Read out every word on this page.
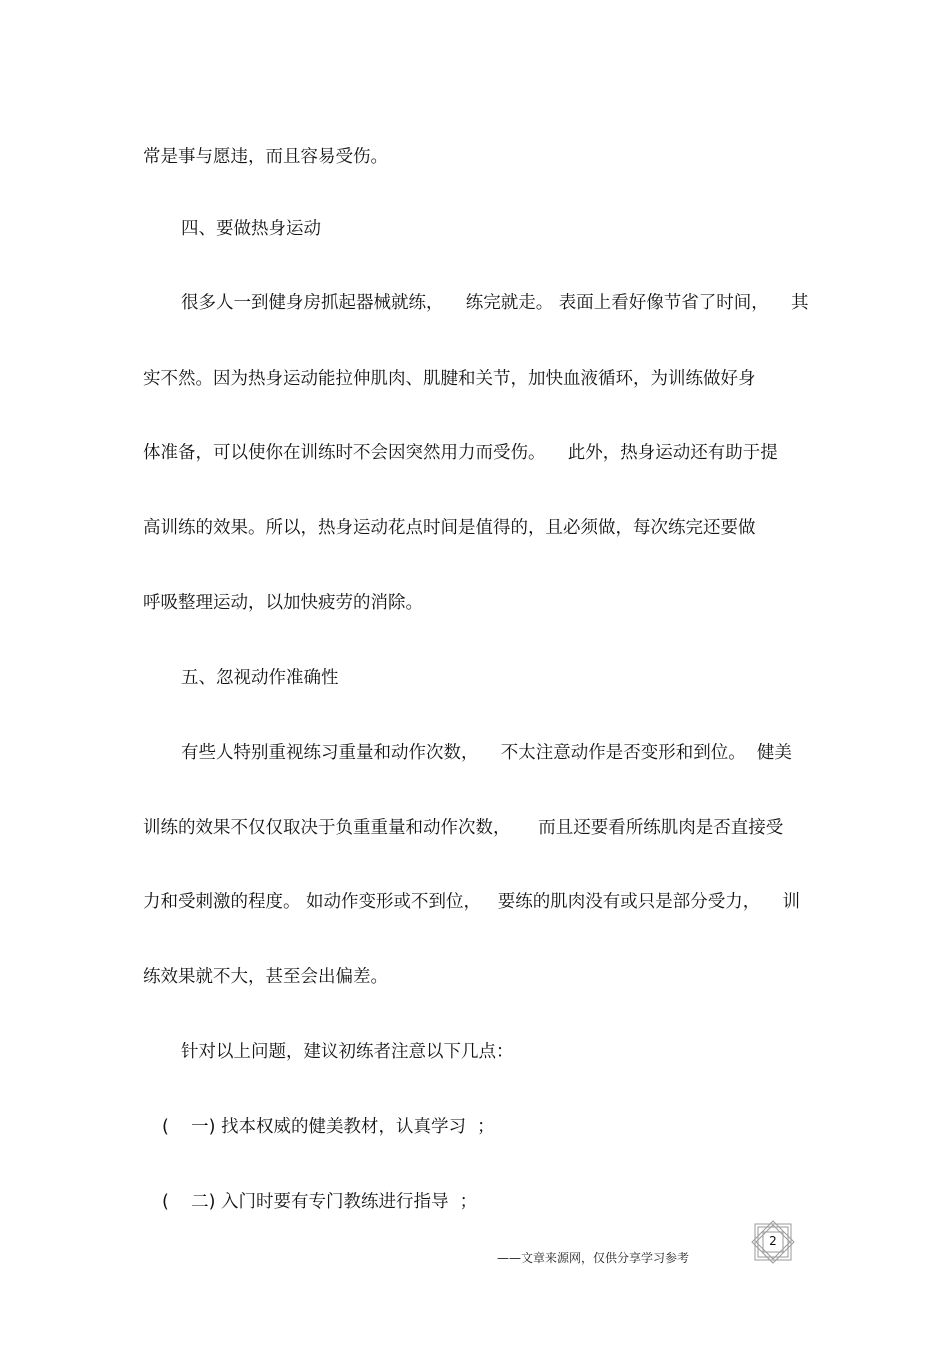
常是事与愿违，而且容易受伤。

四、要做热身运动

很多人一到健身房抓起器械就练，    练完就走。 表面上看好像节省了时间，    其

实不然。因为热身运动能拉伸肌肉、肌腱和关节，加快血液循环，为训练做好身

体准备，可以使你在训练时不会因突然用力而受伤。    此外，热身运动还有助于提

高训练的效果。所以，热身运动花点时间是值得的，且必须做，每次练完还要做

呼吸整理运动，以加快疲劳的消除。

五、忽视动作准确性

有些人特别重视练习重量和动作次数，    不太注意动作是否变形和到位。  健美

训练的效果不仅仅取决于负重重量和动作次数，     而且还要看所练肌肉是否直接受

力和受刺激的程度。 如动作变形或不到位，   要练的肌肉没有或只是部分受力，    训

练效果就不大，甚至会出偏差。

针对以上问题，建议初练者注意以下几点：

(    一) 找本权威的健美教材，认真学习  ；

(    二) 入门时要有专门教练进行指导  ；

——文章来源网，仅供分享学习参考
2
